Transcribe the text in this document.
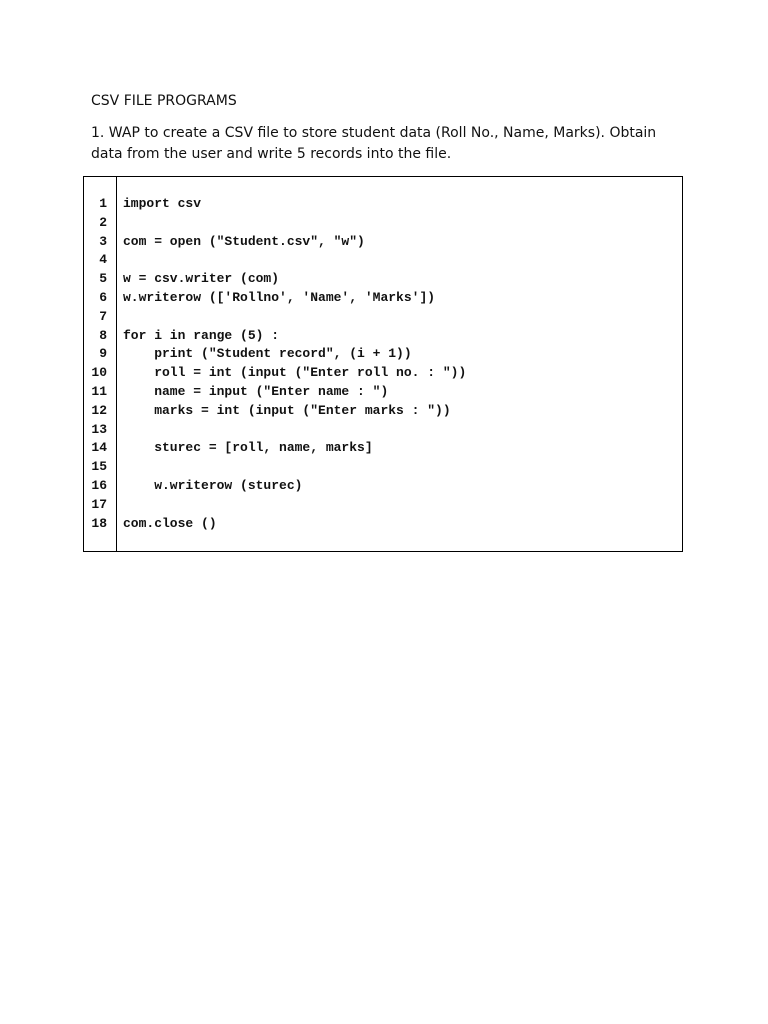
CSV FILE PROGRAMS

1. WAP to create a CSV file to store student data (Roll No., Name, Marks). Obtain data from the user and write 5 records into the file.

1 import csv
2
3 com = open ("Student.csv", "w")
4
5 w = csv.writer (com)
6 w.writerow (['Rollno', 'Name', 'Marks'])
7
8 for i in range (5) :
9 print ("Student record", (i + 1))
10 roll = int (input ("Enter roll no. : "))
11 name = input ("Enter name : ")
12 marks = int (input ("Enter marks : "))
13
14 sturec = [roll, name, marks]
15
16 w.writerow (sturec)
17
18 com.close ()
